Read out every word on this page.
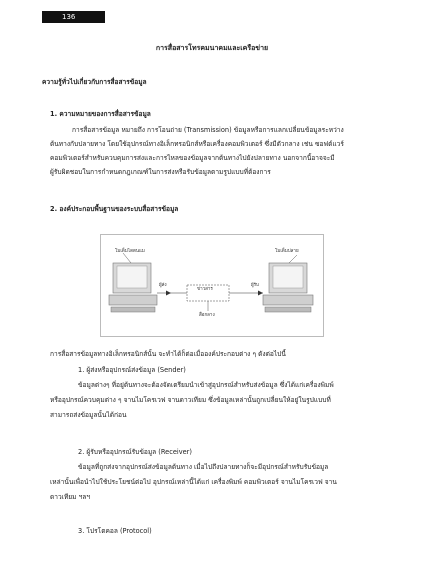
136
การสื่อสารโทรคมนาคมและเครือข่าย
ความรู้ทั่วไปเกี่ยวกับการสื่อสารข้อมูล
1. ความหมายของการสื่อสารข้อมูล
การสื่อสารข้อมูล หมายถึง การโอนถ่าย (Transmission) ข้อมูลหรือการแลกเปลี่ยนข้อมูลระหว่าง
ต้นทางกับปลายทาง โดยใช้อุปกรณ์ทางอิเล็กทรอนิกส์หรือเครื่องคอมพิวเตอร์ ซึ่งมีตัวกลาง เช่น ซอฟต์แวร์
คอมพิวเตอร์สำหรับควบคุมการส่งและการไหลของข้อมูลจากต้นทางไปยังปลายทาง นอกจากนี้อาจจะมี
ผู้รับผิดชอบในการกำหนดกฎเกณฑ์ในการส่งหรือรับข้อมูลตามรูปแบบที่ต้องการ
2. องค์ประกอบพื้นฐานของระบบสื่อสารข้อมูล
โมเด็มไดตนแม	โมเด็มปลาย
ผู้ส่ง	ผู้รับ
ข่าวสาร
สื่อกลาง
การสื่อสารข้อมูลทางอิเล็กทรอนิกส์นั้น จะทำได้ก็ต่อเมื่อองค์ประกอบต่าง ๆ ดังต่อไปนี้
1. ผู้ส่งหรืออุปกรณ์ส่งข้อมูล (Sender)
ข้อมูลต่างๆ ที่อยู่ต้นทางจะต้องจัดเตรียมนำเข้าสู่อุปกรณ์สำหรับส่งข้อมูล ซึ่งได้แก่เครื่องพิมพ์
หรืออุปกรณ์ควบคุมต่าง ๆ จานไมโครเวฟ จานดาวเทียม ซึ่งข้อมูลเหล่านั้นถูกเปลี่ยนให้อยู่ในรูปแบบที่
สามารถส่งข้อมูลนั้นได้ก่อน
2. ผู้รับหรืออุปกรณ์รับข้อมูล (Receiver)
ข้อมูลที่ถูกส่งจากอุปกรณ์ส่งข้อมูลต้นทาง เมื่อไปถึงปลายทางก็จะมีอุปกรณ์สำหรับรับข้อมูล
เหล่านั้นเพื่อนำไปใช้ประโยชน์ต่อไป อุปกรณ์เหล่านี้ได้แก่ เครื่องพิมพ์ คอมพิวเตอร์ จานไมโครเวฟ จาน
ดาวเทียม ฯลฯ
3. โปรโตคอล (Protocol)
